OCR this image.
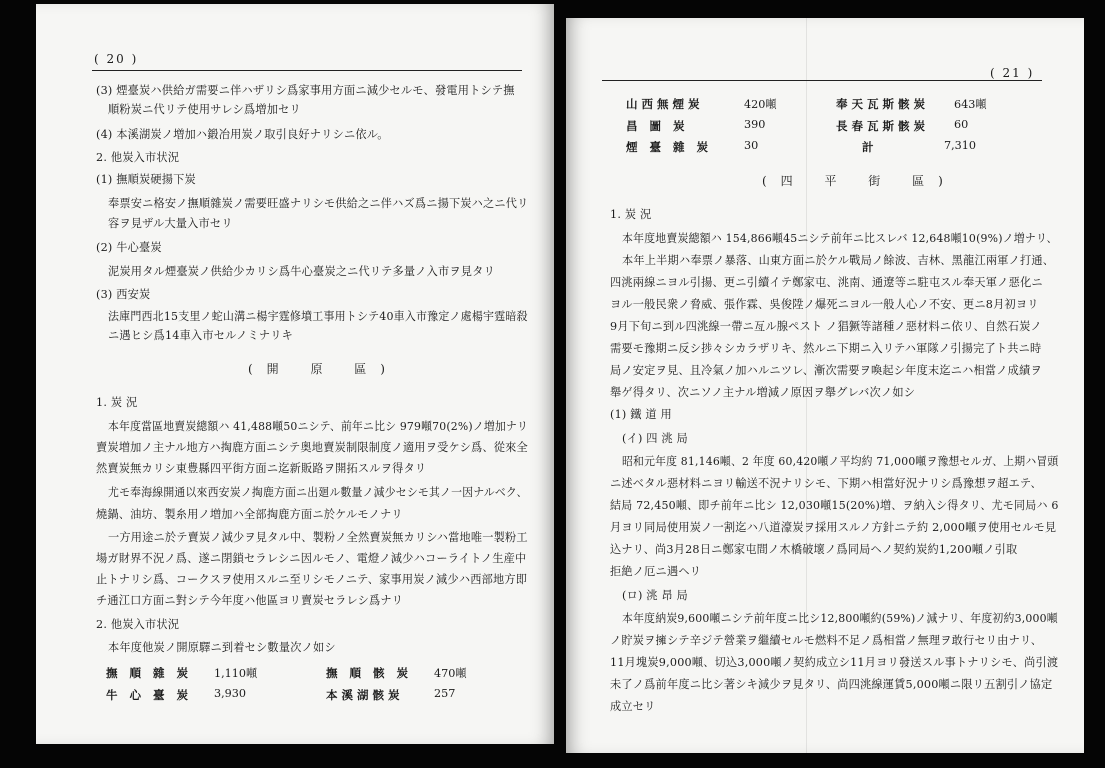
( 20 )
(3) 煙臺炭ハ供給ガ需要ニ伴ハザリシ爲家事用方面ニ減少セルモ、發電用トシテ撫
順粉炭ニ代リテ使用サレシ爲増加セリ
(4) 本溪湖炭ノ増加ハ鍛冶用炭ノ取引良好ナリシニ依ル。
2. 他炭入市状況
(1) 撫順炭硬揚下炭
奉票安ニ格安ノ撫順雜炭ノ需要旺盛ナリシモ供給之ニ伴ハズ爲ニ揚下炭ハ之ニ代リ
容ヲ見ザル大量入市セリ
(2) 牛心臺炭
泥炭用タル煙臺炭ノ供給少カリシ爲牛心臺炭之ニ代リテ多量ノ入市ヲ見タリ
(3) 西安炭
法庫門西北15支里ノ蛇山溝ニ楊宇霆修墳工事用トシテ40車入市豫定ノ處楊宇霆暗殺
ニ遇ヒシ爲14車入市セルノミナリキ
(開 原 區)
1. 炭 況
本年度當區地賣炭總額ハ 41,488噸50ニシテ、前年ニ比シ 979噸70(2%)ノ増加ナリ
賣炭増加ノ主ナル地方ハ掏鹿方面ニシテ奥地賣炭制限制度ノ適用ヲ受ケシ爲、從來全
然賣炭無カリシ東豊縣四平街方面ニ迄新販路ヲ開拓スルヲ得タリ
尤モ奉海線開通以來西安炭ノ掏鹿方面ニ出廻ル數量ノ減少セシモ其ノ一因ナルベク、
燒鍋、油坊、製糸用ノ増加ハ全部掏鹿方面ニ於ケルモノナリ
一方用途ニ於テ賣炭ノ減少ヲ見タル中、製粉ノ全然賣炭無カリシハ當地唯一製粉工
場ガ財界不況ノ爲、遂ニ閉鎖セラレシニ因ルモノ、電燈ノ減少ハコーライトノ生産中
止トナリシ爲、コークスヲ使用スルニ至リシモノニテ、家事用炭ノ減少ハ西部地方即
チ通江口方面ニ對シテ今年度ハ他區ヨリ賣炭セラレシ爲ナリ
2. 他炭入市状況
本年度他炭ノ開原驛ニ到着セシ數量次ノ如シ
撫 順 雜 炭 1,110噸	撫 順 骸 炭 470噸
牛 心 臺 炭 3,930	本溪湖骸炭	257
( 21 )
山西無煙炭	420噸	奉天瓦斯骸炭 643噸
昌 圖 炭	390	長春瓦斯骸炭 60
煙 臺 雜 炭	30	計	7,310
(四 平 街 區)
1. 炭 況
本年度地賣炭總額ハ 154,866噸45ニシテ前年ニ比スレバ 12,648噸10(9%)ノ増ナリ、
本年上半期ハ奉票ノ暴落、山東方面ニ於ケル戰局ノ餘波、吉林、黑龍江兩軍ノ打通、
四洮兩線ニヨル引揚、更ニ引續イテ鄭家屯、洮南、通遼等ニ駐屯スル奉天軍ノ惡化ニ
ヨル一般民衆ノ脅威、張作霖、吳俊陞ノ爆死ニヨル一般人心ノ不安、更ニ8月初ヨリ
9月下旬ニ到ル四洮線一帶ニ亙ル腺ペスト ノ猖獗等諸種ノ惡材料ニ依リ、自然石炭ノ
需要モ豫期ニ反シ捗々シカラザリキ、然ルニ下期ニ入リテハ軍隊ノ引揚完了ト共ニ時
局ノ安定ヲ見、且冷氣ノ加ハルニツレ、漸次需要ヲ喚起シ年度末迄ニハ相當ノ成績ヲ
舉ゲ得タリ、次ニソノ主ナル増減ノ原因ヲ舉グレバ次ノ如シ
(1) 鐵 道 用
(イ) 四 洮 局
昭和元年度 81,146噸、2 年度 60,420噸ノ平均約 71,000噸ヲ豫想セルガ、上期ハ冒頭
ニ述ベタル惡材料ニヨリ輸送不況ナリシモ、下期ハ相當好況ナリシ爲豫想ヲ超エテ、
結局 72,450噸、即チ前年ニ比シ 12,030噸15(20%)増、ヲ納入シ得タリ、尤モ同局ハ 6
月ヨリ同局使用炭ノ一割迄ハ八道濠炭ヲ採用スルノ方針ニテ約 2,000噸ヲ使用セルモ見
込ナリ、尚3月28日ニ鄭家屯間ノ木橋破壞ノ爲同局ヘノ契約炭約1,200噸ノ引取
拒絶ノ厄ニ遇ヘリ
(ロ) 洮 昂 局
本年度納炭9,600噸ニシテ前年度ニ比シ12,800噸約(59%)ノ減ナリ、年度初約3,000噸
ノ貯炭ヲ擁シテ辛ジテ營業ヲ繼續セルモ燃料不足ノ爲相當ノ無理ヲ敢行セリ由ナリ、
11月塊炭9,000噸、切込3,000噸ノ契約成立シ11月ヨリ發送スル事トナリシモ、尚引渡
未了ノ爲前年度ニ比シ著シキ減少ヲ見タリ、尚四洮線運賃5,000噸ニ限リ五割引ノ協定
成立セリ
